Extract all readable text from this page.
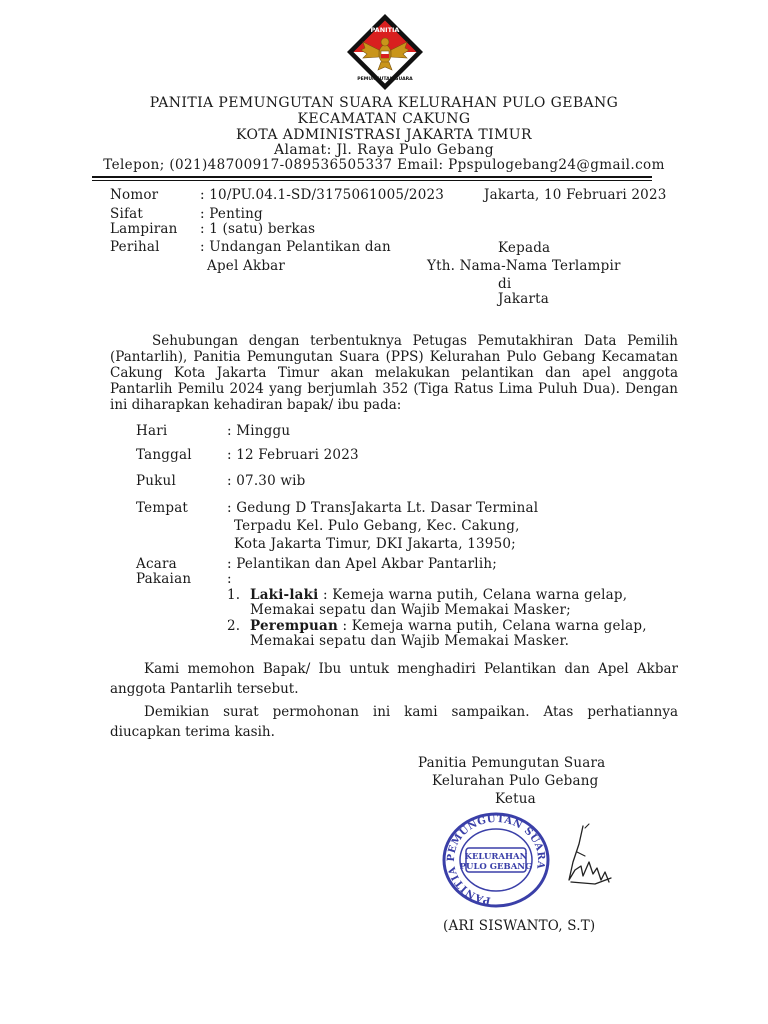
PANITIA
PEMUNGUTAN SUARA
PANITIA PEMUNGUTAN SUARA KELURAHAN PULO GEBANG
KECAMATAN CAKUNG
KOTA ADMINISTRASI JAKARTA TIMUR
Alamat: Jl. Raya Pulo Gebang
Telepon; (021)48700917-089536505337 Email: Ppspulogebang24@gmail.com
Nomor	: 10/PU.04.1-SD/3175061005/2023	Jakarta, 10 Februari 2023
Sifat	: Penting
Lampiran : 1 (satu) berkas
Perihal	: Undangan Pelantikan dan
Apel Akbar
Kepada
Yth. Nama-Nama Terlampir
di
Jakarta
Sehubungan dengan terbentuknya Petugas Pemutakhiran Data Pemilih (Pantarlih), Panitia Pemungutan Suara (PPS) Kelurahan Pulo Gebang Kecamatan Cakung Kota Jakarta Timur akan melakukan pelantikan dan apel anggota Pantarlih Pemilu 2024 yang berjumlah 352 (Tiga Ratus Lima Puluh Dua). Dengan ini diharapkan kehadiran bapak/ ibu pada:
Hari	: Minggu
Tanggal	: 12 Februari 2023
Pukul	: 07.30 wib
Tempat	: Gedung D TransJakarta Lt. Dasar Terminal
Terpadu Kel. Pulo Gebang, Kec. Cakung,
Kota Jakarta Timur, DKI Jakarta, 13950;
Acara	: Pelantikan dan Apel Akbar Pantarlih;
Pakaian	:
1. Laki-laki : Kemeja warna putih, Celana warna gelap,
Memakai sepatu dan Wajib Memakai Masker;
2. Perempuan : Kemeja warna putih, Celana warna gelap,
Memakai sepatu dan Wajib Memakai Masker.
Kami memohon Bapak/ Ibu untuk menghadiri Pelantikan dan Apel Akbar anggota Pantarlih tersebut.
Demikian surat permohonan ini kami sampaikan. Atas perhatiannya diucapkan terima kasih.
Panitia Pemungutan Suara
Kelurahan Pulo Gebang
Ketua
PANITIA PEMUNGUTAN SUARA
KELURAHAN
PULO GEBANG
(ARI SISWANTO, S.T)
